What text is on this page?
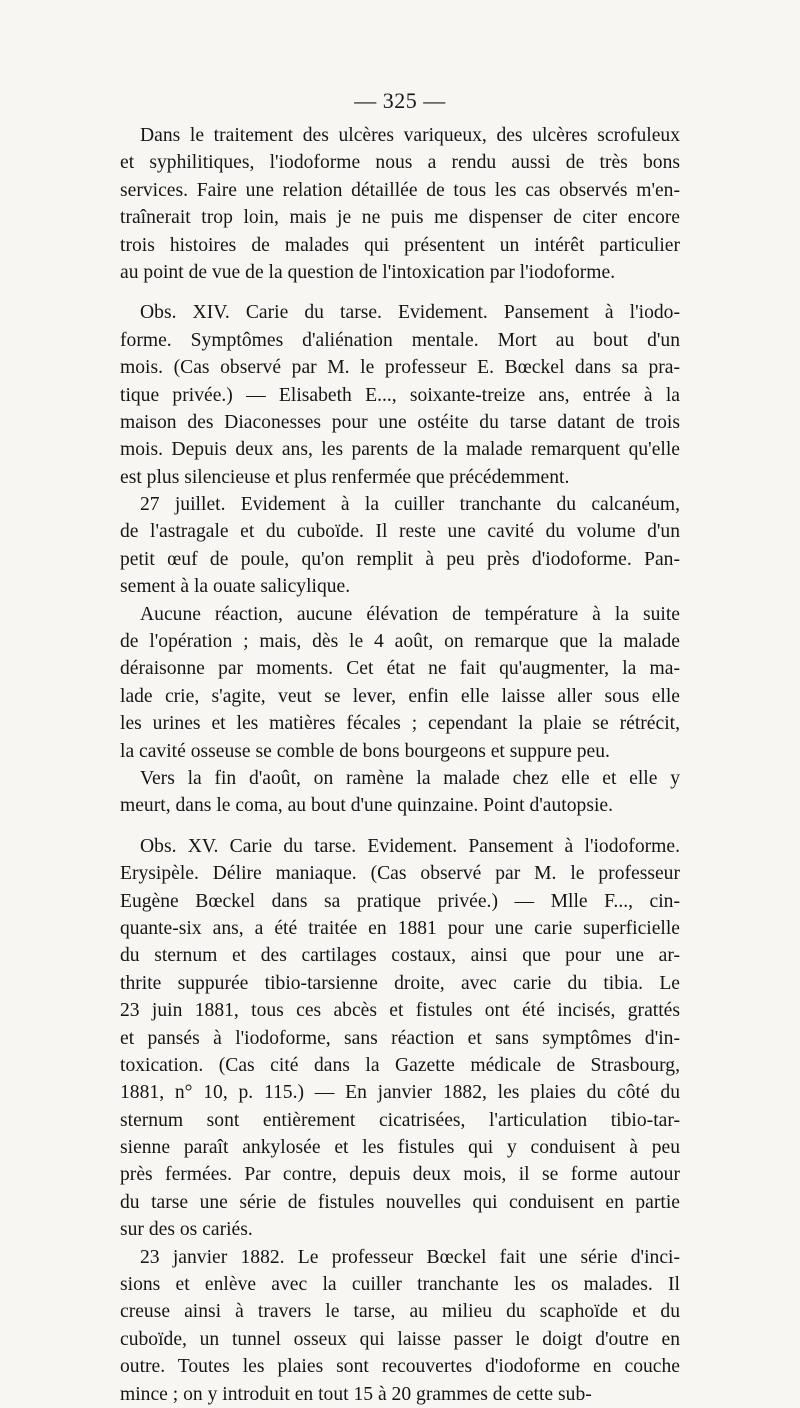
— 325 —
Dans le traitement des ulcères variqueux, des ulcères scrofuleux
et syphilitiques, l'iodoforme nous a rendu aussi de très bons
services. Faire une relation détaillée de tous les cas observés m'en-
traînerait trop loin, mais je ne puis me dispenser de citer encore
trois histoires de malades qui présentent un intérêt particulier
au point de vue de la question de l'intoxication par l'iodoforme.
Obs. XIV. Carie du tarse. Evidement. Pansement à l'iodo-
forme. Symptômes d'aliénation mentale. Mort au bout d'un
mois. (Cas observé par M. le professeur E. Bœckel dans sa pra-
tique privée.) — Elisabeth E..., soixante-treize ans, entrée à la
maison des Diaconesses pour une ostéite du tarse datant de trois
mois. Depuis deux ans, les parents de la malade remarquent qu'elle
est plus silencieuse et plus renfermée que précédemment.
27 juillet. Evidement à la cuiller tranchante du calcanéum,
de l'astragale et du cuboïde. Il reste une cavité du volume d'un
petit œuf de poule, qu'on remplit à peu près d'iodoforme. Pan-
sement à la ouate salicylique.
Aucune réaction, aucune élévation de température à la suite
de l'opération ; mais, dès le 4 août, on remarque que la malade
déraisonne par moments. Cet état ne fait qu'augmenter, la ma-
lade crie, s'agite, veut se lever, enfin elle laisse aller sous elle
les urines et les matières fécales ; cependant la plaie se rétrécit,
la cavité osseuse se comble de bons bourgeons et suppure peu.
Vers la fin d'août, on ramène la malade chez elle et elle y
meurt, dans le coma, au bout d'une quinzaine. Point d'autopsie.
Obs. XV. Carie du tarse. Evidement. Pansement à l'iodoforme.
Erysipèle. Délire maniaque. (Cas observé par M. le professeur
Eugène Bœckel dans sa pratique privée.) — Mlle F..., cin-
quante-six ans, a été traitée en 1881 pour une carie superficielle
du sternum et des cartilages costaux, ainsi que pour une ar-
thrite suppurée tibio-tarsienne droite, avec carie du tibia. Le
23 juin 1881, tous ces abcès et fistules ont été incisés, grattés
et pansés à l'iodoforme, sans réaction et sans symptômes d'in-
toxication. (Cas cité dans la Gazette médicale de Strasbourg,
1881, n° 10, p. 115.) — En janvier 1882, les plaies du côté du
sternum sont entièrement cicatrisées, l'articulation tibio-tar-
sienne paraît ankylosée et les fistules qui y conduisent à peu
près fermées. Par contre, depuis deux mois, il se forme autour
du tarse une série de fistules nouvelles qui conduisent en partie
sur des os cariés.
23 janvier 1882. Le professeur Bœckel fait une série d'inci-
sions et enlève avec la cuiller tranchante les os malades. Il
creuse ainsi à travers le tarse, au milieu du scaphoïde et du
cuboïde, un tunnel osseux qui laisse passer le doigt d'outre en
outre. Toutes les plaies sont recouvertes d'iodoforme en couche
mince ; on y introduit en tout 15 à 20 grammes de cette sub-
